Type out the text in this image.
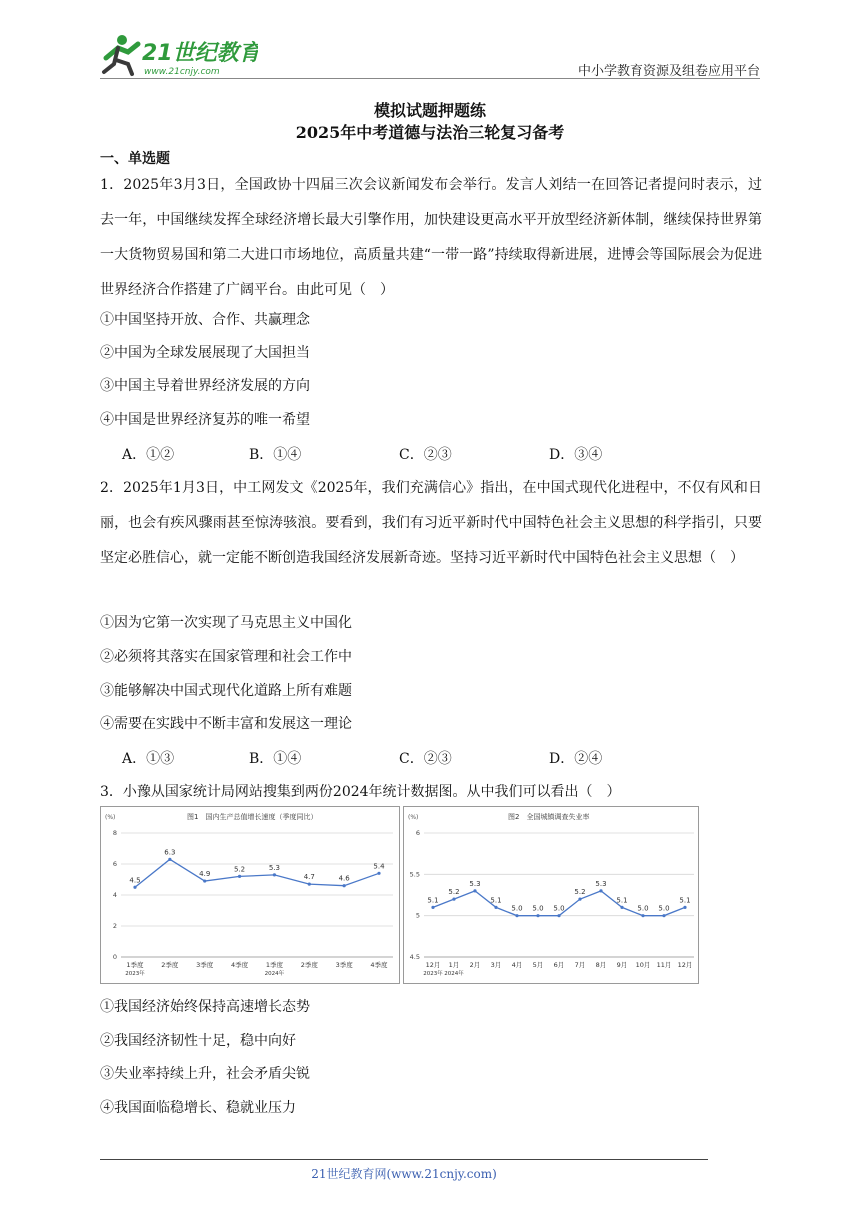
21世纪教育
www.21cnjy.com	中小学教育资源及组卷应用平台
模拟试题押题练
2025年中考道德与法治三轮复习备考
一、单选题
1．2025年3月3日，全国政协十四届三次会议新闻发布会举行。发言人刘结一在回答记者提问时表示，过去一年，中国继续发挥全球经济增长最大引擎作用，加快建设更高水平开放型经济新体制，继续保持世界第一大货物贸易国和第二大进口市场地位，高质量共建“一带一路”持续取得新进展，进博会等国际展会为促进世界经济合作搭建了广阔平台。由此可见（　）
①中国坚持开放、合作、共赢理念
②中国为全球发展展现了大国担当
③中国主导着世界经济发展的方向
④中国是世界经济复苏的唯一希望
A．①②	B．①④	C．②③	D．③④
2．2025年1月3日，中工网发文《2025年，我们充满信心》指出，在中国式现代化进程中，不仅有风和日丽，也会有疾风骤雨甚至惊涛骇浪。要看到，我们有习近平新时代中国特色社会主义思想的科学指引，只要坚定必胜信心，就一定能不断创造我国经济发展新奇迹。坚持习近平新时代中国特色社会主义思想（　）
①因为它第一次实现了马克思主义中国化
②必须将其落实在国家管理和社会工作中
③能够解决中国式现代化道路上所有难题
④需要在实践中不断丰富和发展这一理论
A．①③	B．①④	C．②③	D．②④
3．小豫从国家统计局网站搜集到两份2024年统计数据图。从中我们可以看出（　）
图1　国内生产总值增长速度（季度同比）
(%)
0
2
4
6
8
4.5
1季度
6.3
2季度
4.9
3季度
5.2
4季度
5.3
1季度
4.7
2季度
4.6
3季度
5.4
4季度
2023年	2024年
图2　全国城镇调查失业率
(%)
4.5
5
5.5
6
5.1
12月
5.2
1月
5.3
2月
5.1
3月
5.0
4月
5.0
5月
5.0
6月
5.2
7月
5.3
8月
5.1
9月
5.0
10月
5.0
11月
5.1
12月
2023年 2024年
①我国经济始终保持高速增长态势
②我国经济韧性十足，稳中向好
③失业率持续上升，社会矛盾尖锐
④我国面临稳增长、稳就业压力
21世纪教育网(www.21cnjy.com)
